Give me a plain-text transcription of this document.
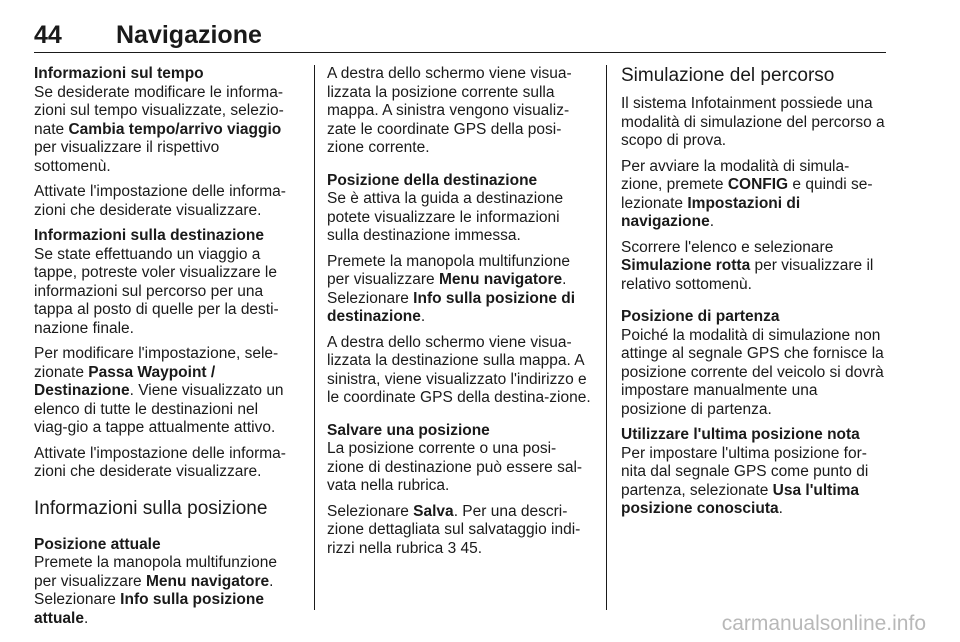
44 Navigazione
Informazioni sul tempo

Se desiderate modificare le informa-zioni sul tempo visualizzate, selezio-nate Cambia tempo/arrivo viaggio per visualizzare il rispettivo sottomenù.

Attivate l'impostazione delle informa-zioni che desiderate visualizzare.

Informazioni sulla destinazione

Se state effettuando un viaggio a tappe, potreste voler visualizzare le informazioni sul percorso per una tappa al posto di quelle per la desti-nazione finale.

Per modificare l'impostazione, sele-zionate Passa Waypoint / Destinazione. Viene visualizzato un elenco di tutte le destinazioni nel viag-gio a tappe attualmente attivo.

Attivate l'impostazione delle informa-zioni che desiderate visualizzare.

Informazioni sulla posizione
Posizione attuale

Premete la manopola multifunzione per visualizzare Menu navigatore. Selezionare Info sulla posizione attuale.

A destra dello schermo viene visua-lizzata la posizione corrente sulla mappa. A sinistra vengono visualiz-zate le coordinate GPS della posi-zione corrente.

Posizione della destinazione

Se è attiva la guida a destinazione potete visualizzare le informazioni sulla destinazione immessa.

Premete la manopola multifunzione per visualizzare Menu navigatore. Selezionare Info sulla posizione di destinazione.

A destra dello schermo viene visua-lizzata la destinazione sulla mappa. A sinistra, viene visualizzato l'indirizzo e le coordinate GPS della destina-zione.

Salvare una posizione

La posizione corrente o una posi-zione di destinazione può essere sal-vata nella rubrica.

Selezionare Salva. Per una descri-zione dettagliata sul salvataggio indi-rizzi nella rubrica 3 45.

Simulazione del percorso

Il sistema Infotainment possiede una modalità di simulazione del percorso a scopo di prova.

Per avviare la modalità di simula-zione, premete CONFIG e quindi se-lezionate Impostazioni di navigazione.

Scorrere l'elenco e selezionare Simulazione rotta per visualizzare il relativo sottomenù.

Posizione di partenza

Poiché la modalità di simulazione non attinge al segnale GPS che fornisce la posizione corrente del veicolo si dovrà impostare manualmente una posizione di partenza.

Utilizzare l'ultima posizione nota

Per impostare l'ultima posizione for-nita dal segnale GPS come punto di partenza, selezionate Usa l'ultima posizione conosciuta.

carmanualsonline.info
